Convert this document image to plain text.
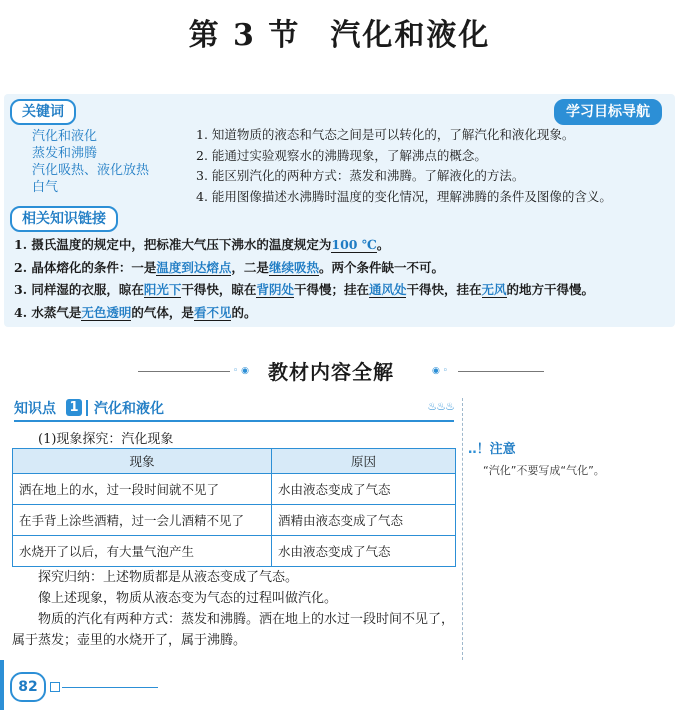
第 3 节 汽化和液化
关键词	学习目标导航
汽化和液化
蒸发和沸腾
汽化吸热、液化放热
白气
1. 知道物质的液态和气态之间是可以转化的，了解汽化和液化现象。
2. 能通过实验观察水的沸腾现象，了解沸点的概念。
3. 能区别汽化的两种方式：蒸发和沸腾。了解液化的方法。
4. 能用图像描述水沸腾时温度的变化情况，理解沸腾的条件及图像的含义。
相关知识链接
1. 摄氏温度的规定中，把标准大气压下沸水的温度规定为100 ℃。
2. 晶体熔化的条件：一是温度到达熔点，二是继续吸热。两个条件缺一不可。
3. 同样湿的衣服，晾在阳光下干得快，晾在背阴处干得慢；挂在通风处干得快，挂在无风的地方干得慢。
4. 水蒸气是无色透明的气体，是看不见的。
◦ ◉ 教材内容全解	◉ ◦
知识点 1 汽化和液化	♨♨♨
(1)现象探究：汽化现象
现象	原因
洒在地上的水，过一段时间就不见了	水由液态变成了气态
在手背上涂些酒精，过一会儿酒精不见了	酒精由液态变成了气态
水烧开了以后，有大量气泡产生	水由液态变成了气态

探究归纳：上述物质都是从液态变成了气态。

像上述现象，物质从液态变为气态的过程叫做汽化。

物质的汽化有两种方式：蒸发和沸腾。洒在地上的水过一段时间不见了，属于蒸发；壶里的水烧开了，属于沸腾。

‥！注意
“汽化”不要写成“气化”。
82
